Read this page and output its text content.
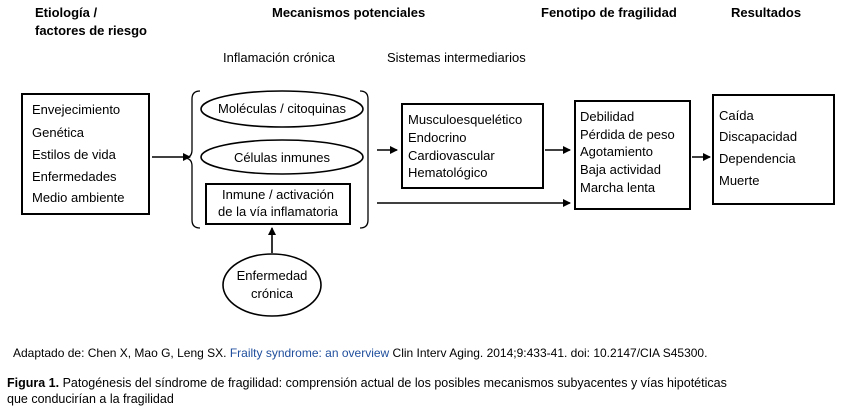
Etiología /
factores de riesgo
Mecanismos potenciales	Fenotipo de fragilidad	Resultados
Inflamación crónica	Sistemas intermediarios
Envejecimiento
Genética
Estilos de vida
Enfermedades
Medio ambiente
Moléculas / citoquinas
Células inmunes
Inmune / activación
de la vía inflamatoria
Enfermedad
crónica
Musculoesquelético
Endocrino
Cardiovascular
Hematológico
Debilidad
Pérdida de peso
Agotamiento
Baja actividad
Marcha lenta
Caída
Discapacidad
Dependencia
Muerte
Adaptado de: Chen X, Mao G, Leng SX. Frailty syndrome: an overview Clin Interv Aging. 2014;9:433-41. doi: 10.2147/CIA S45300.
Figura 1. Patogénesis del síndrome de fragilidad: comprensión actual de los posibles mecanismos subyacentes y vías hipotéticas
que conducirían a la fragilidad
